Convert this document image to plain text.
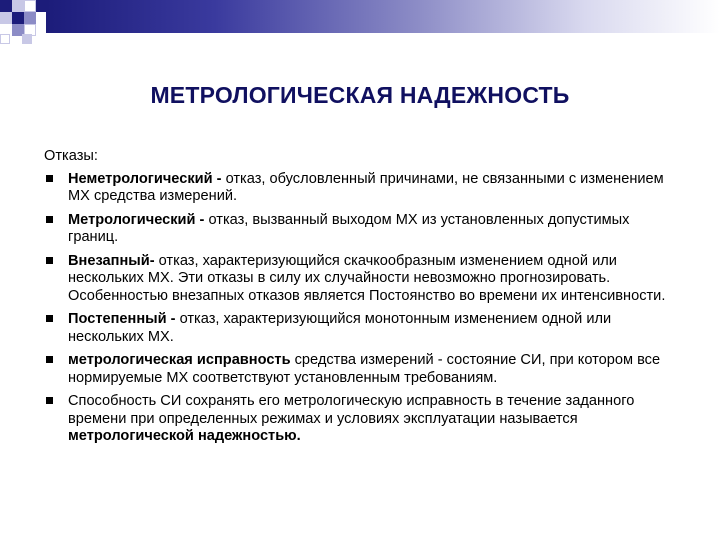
МЕТРОЛОГИЧЕСКАЯ НАДЕЖНОСТЬ

Отказы:

Неметрологический - отказ, обусловленный причинами, не связанными с изменением МХ средства измерений.
Метрологический - отказ, вызванный выходом МХ из установленных допустимых границ.
Внезапный- отказ, характеризующийся скачкообразным изменением одной или нескольких МХ. Эти отказы в силу их случайности невозможно прогнозировать. Особенностью внезапных отказов является Постоянство во времени их интенсивности.
Постепенный - отказ, характеризующийся монотонным изменением одной или нескольких МХ.
метрологическая исправность средства измерений - состояние СИ, при котором все нормируемые МХ соответствуют установленным требованиям.
Способность СИ сохранять его метрологическую исправность в течение заданного времени при определенных режимах и условиях эксплуатации называется метрологической надежностью.
